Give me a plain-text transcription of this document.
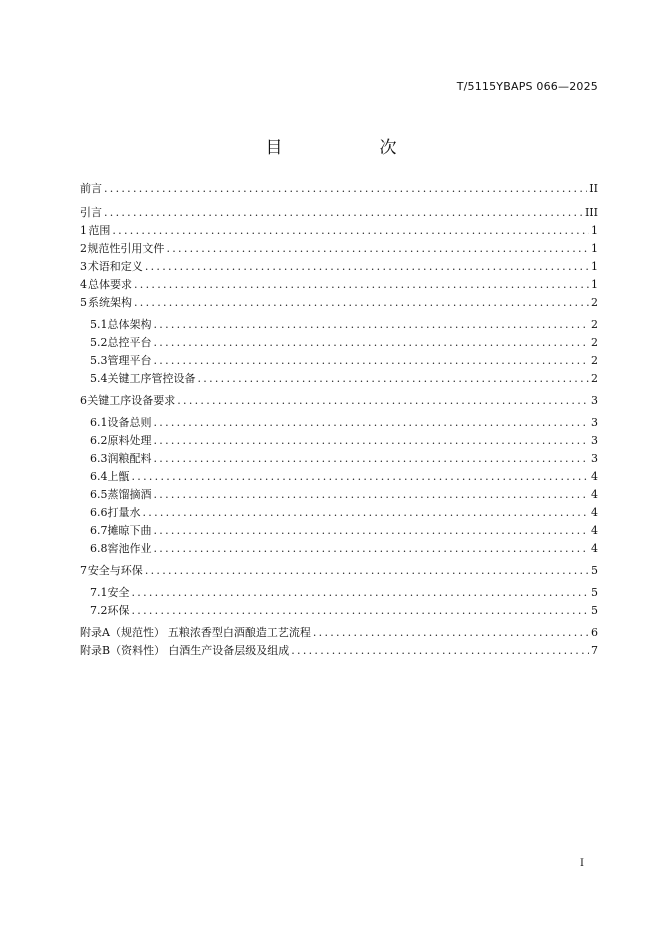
T/5115YBAPS 066—2025
目　次
前言 .....	II
引言 .....	III
1 范围 .....	1
2 规范性引用文件 .....	1
3 术语和定义 .....	1
4 总体要求 .....	1
5 系统架构 .....	2
5.1 总体架构 .....	2
5.2 总控平台 .....	2
5.3 管理平台 .....	2
5.4 关键工序管控设备 .....	2
6 关键工序设备要求 .....	3
6.1 设备总则 .....	3
6.2 原料处理 .....	3
6.3 润粮配料 .....	3
6.4 上甑 .....	4
6.5 蒸馏摘酒 .....	4
6.6 打量水 .....	4
6.7 摊晾下曲 .....	4
6.8 窖池作业 .....	4
7 安全与环保 .....	5
7.1 安全 .....	5
7.2 环保 .....	5
附录A（规范性） 五粮浓香型白酒酿造工艺流程 .....	6
附录B（资料性） 白酒生产设备层级及组成 .....	7
I
